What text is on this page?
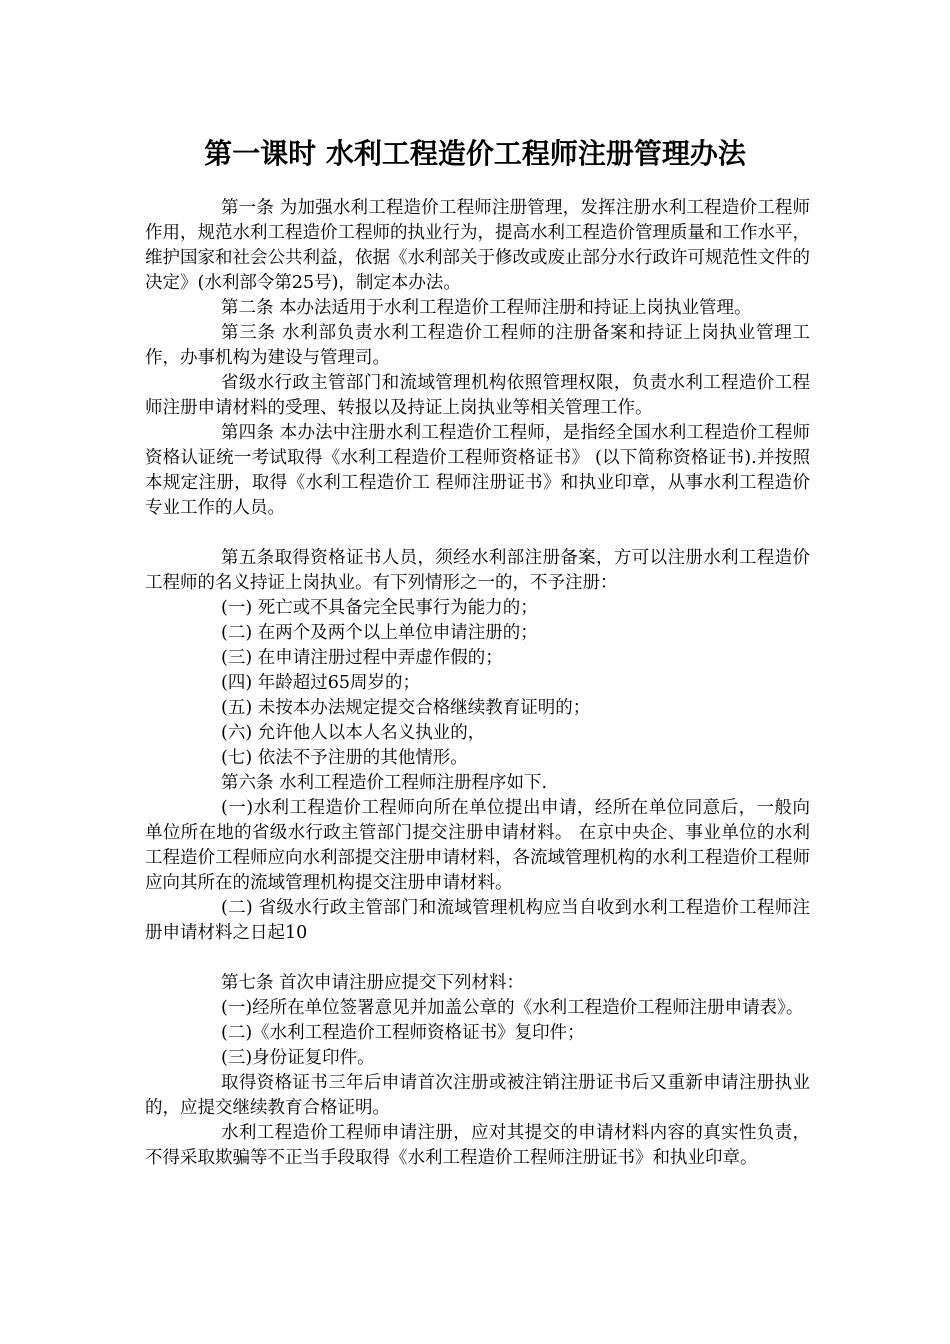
第一课时 水利工程造价工程师注册管理办法

第一条 为加强水利工程造价工程师注册管理，发挥注册水利工程造价工程师作用，规范水利工程造价工程师的执业行为，提高水利工程造价管理质量和工作水平，维护国家和社会公共利益，依据《水利部关于修改或废止部分水行政许可规范性文件的决定》(水利部令第25号)，制定本办法。

第二条 本办法适用于水利工程造价工程师注册和持证上岗执业管理。

第三条 水利部负责水利工程造价工程师的注册备案和持证上岗执业管理工作，办事机构为建设与管理司。

省级水行政主管部门和流域管理机构依照管理权限，负责水利工程造价工程师注册申请材料的受理、转报以及持证上岗执业等相关管理工作。

第四条 本办法中注册水利工程造价工程师，是指经全国水利工程造价工程师资格认证统一考试取得《水利工程造价工程师资格证书》 (以下简称资格证书).并按照本规定注册，取得《水利工程造价工 程师注册证书》和执业印章，从事水利工程造价专业工作的人员。

第五条取得资格证书人员，须经水利部注册备案，方可以注册水利工程造价工程师的名义持证上岗执业。有下列情形之一的，不予注册：

(一) 死亡或不具备完全民事行为能力的；

(二) 在两个及两个以上单位申请注册的；

(三) 在申请注册过程中弄虚作假的；

(四) 年龄超过65周岁的；

(五) 未按本办法规定提交合格继续教育证明的；

(六) 允许他人以本人名义执业的，

(七) 依法不予注册的其他情形。

第六条 水利工程造价工程师注册程序如下.

(一)水利工程造价工程师向所在单位提出申请，经所在单位同意后，一般向单位所在地的省级水行政主管部门提交注册申请材料。 在京中央企、事业单位的水利工程造价工程师应向水利部提交注册申请材料，各流域管理机构的水利工程造价工程师应向其所在的流域管理机构提交注册申请材料。

(二) 省级水行政主管部门和流域管理机构应当自收到水利工程造价工程师注册申请材料之日起10

第七条 首次申请注册应提交下列材料：

(一)经所在单位签署意见并加盖公章的《水利工程造价工程师注册申请表》。

(二)《水利工程造价工程师资格证书》复印件；

(三)身份证复印件。

取得资格证书三年后申请首次注册或被注销注册证书后又重新申请注册执业的，应提交继续教育合格证明。

水利工程造价工程师申请注册，应对其提交的申请材料内容的真实性负责，不得采取欺骗等不正当手段取得《水利工程造价工程师注册证书》和执业印章。
